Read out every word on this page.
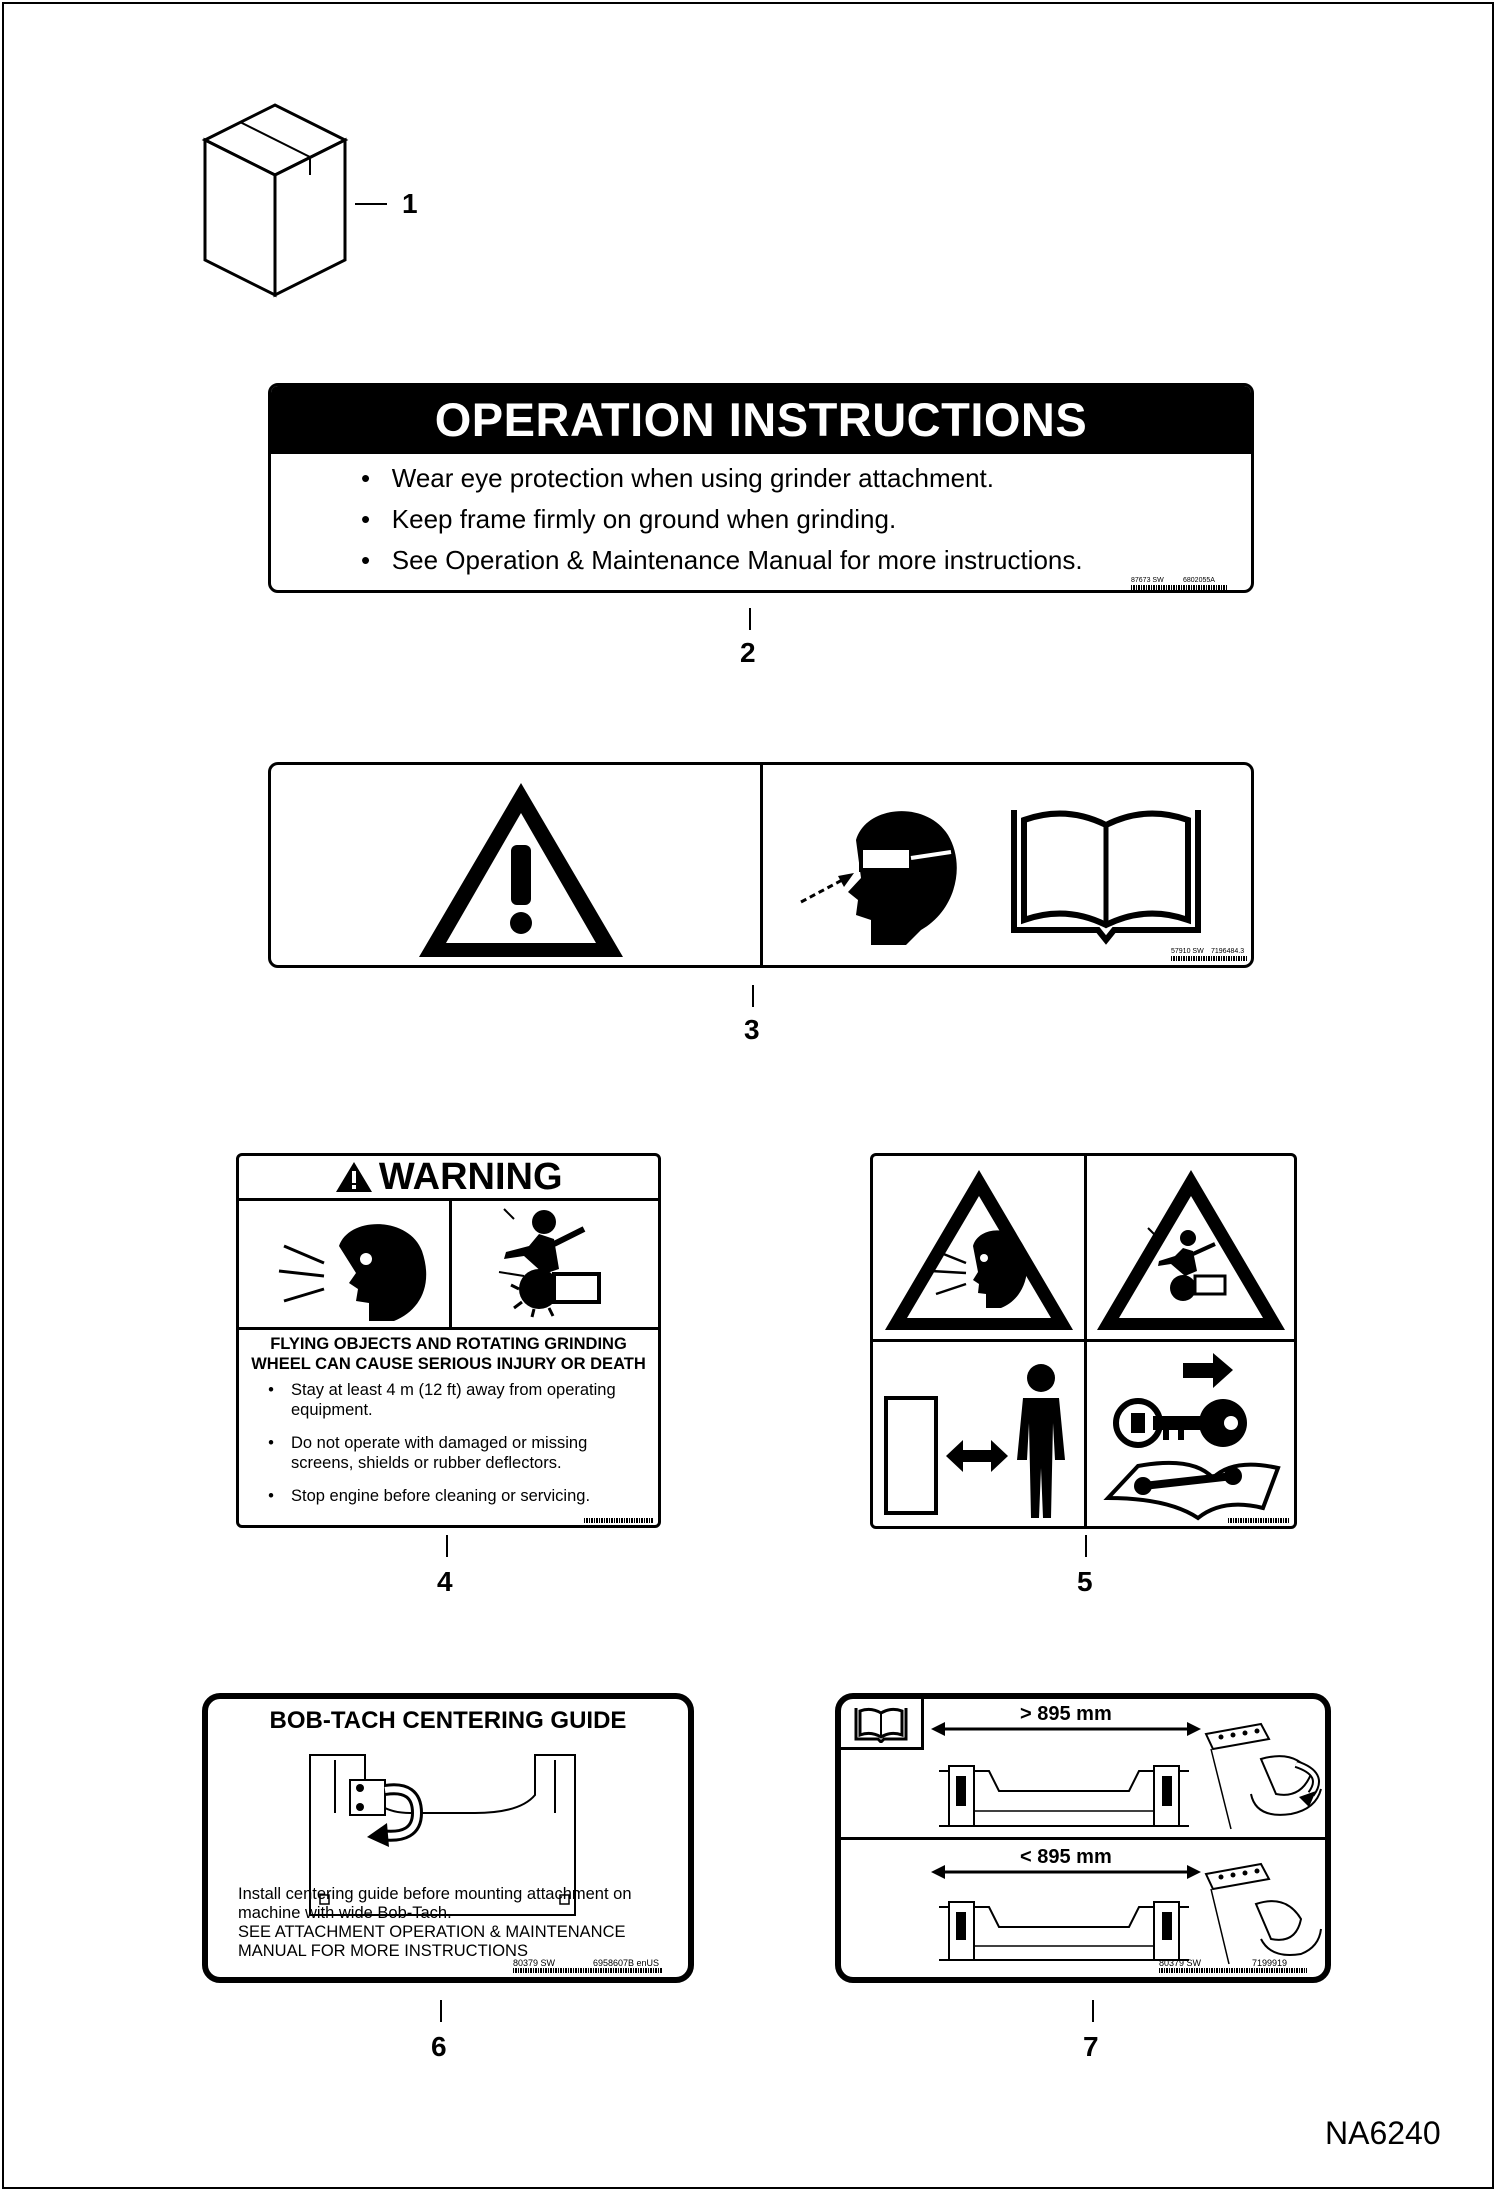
1
OPERATION INSTRUCTIONS
•   Wear eye protection when using grinder attachment.
•   Keep frame firmly on ground when grinding.
•   See Operation & Maintenance Manual for more instructions.
87673 SW	6802055A
2
57910 SW 7196484.3
3
WARNING
FLYING OBJECTS AND ROTATING GRINDING WHEEL CAN CAUSE SERIOUS INJURY OR DEATH
•	Stay at least 4 m (12 ft) away from operating equipment.
•	Do not operate with damaged or missing screens, shields or rubber deflectors.
•	Stop engine before cleaning or servicing.
4	5
BOB-TACH CENTERING GUIDE
Install centering guide before mounting attachment on machine with wide Bob-Tach.
SEE ATTACHMENT OPERATION & MAINTENANCE MANUAL FOR MORE INSTRUCTIONS
80379 SW	6958607B enUS
6
> 895 mm
< 895 mm
80379 SW	7199919
7
NA6240
